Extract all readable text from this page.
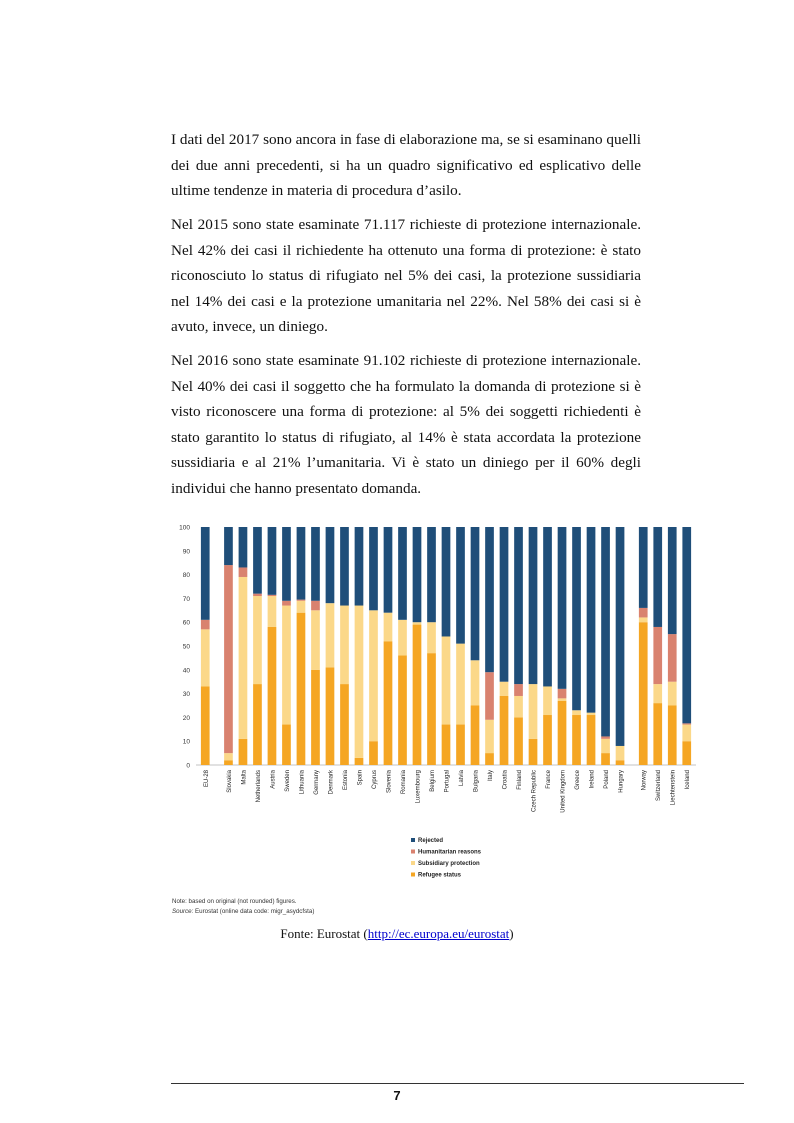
I dati del 2017 sono ancora in fase di elaborazione ma, se si esaminano quelli dei due anni precedenti, si ha un quadro significativo ed esplicativo delle ultime tendenze in materia di procedura d’asilo.

Nel 2015 sono state esaminate 71.117 richieste di protezione internazionale. Nel 42% dei casi il richiedente ha ottenuto una forma di protezione: è stato riconosciuto lo status di rifugiato nel 5% dei casi, la protezione sussidiaria nel 14% dei casi e la protezione umanitaria nel 22%. Nel 58% dei casi si è avuto, invece, un diniego.

Nel 2016 sono state esaminate 91.102 richieste di protezione internazionale. Nel 40% dei casi il soggetto che ha formulato la domanda di protezione si è visto riconoscere una forma di protezione: al 5% dei soggetti richiedenti è stato garantito lo status di rifugiato, al 14% è stata accordata la protezione sussidiaria e al 21% l’umanitaria. Vi è stato un diniego per il 60% degli individui che hanno presentato domanda.

0
10
20
30
40
50
60
70
80
90
100
EU-28	Slovakia Malta Netherlands Austria Sweden Lithuania Germany Denmark Estonia Spain Cyprus Slovenia Romania Luxembourg Belgium Portugal Latvia Bulgaria Italy Croatia Finland Czech Republic France United Kingdom Greece Ireland Poland Hungary	Norway Switzerland Liechtenstein Iceland
Rejected
Humanitarian reasons
Subsidiary protection
Refugee status
Note: based on original (not rounded) figures.
Source: Eurostat (online data code: migr_asydcfsta)
Fonte: Eurostat (http://ec.europa.eu/eurostat)
7
